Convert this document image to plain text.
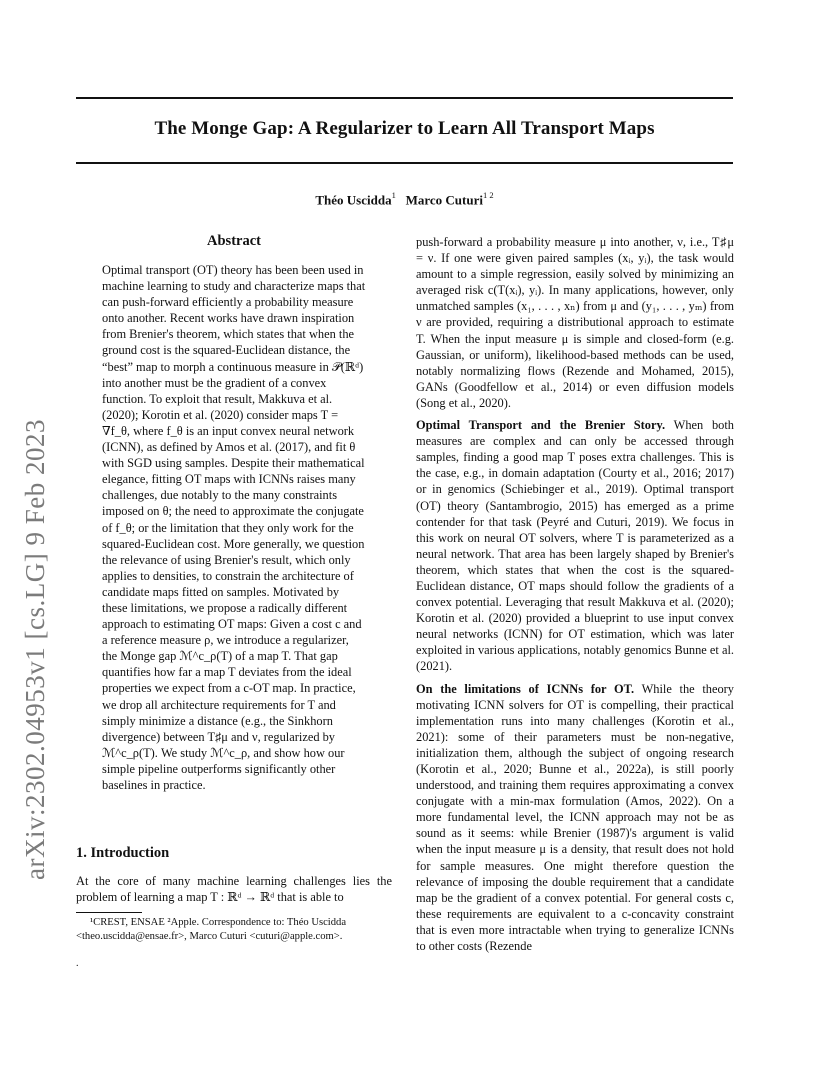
The Monge Gap: A Regularizer to Learn All Transport Maps
Théo Uscidda$^1$ Marco Cuturi$^{1 2}$
arXiv:2302.04953v1 [cs.LG] 9 Feb 2023
Abstract

Optimal transport (OT) theory has been been used in machine learning to study and characterize maps that can push-forward efficiently a probability measure onto another. Recent works have drawn inspiration from Brenier's theorem, which states that when the ground cost is the squared-Euclidean distance, the “best” map to morph a continuous measure in 𝒫(ℝᵈ) into another must be the gradient of a convex function. To exploit that result, Makkuva et al. (2020); Korotin et al. (2020) consider maps T = ∇f_θ, where f_θ is an input convex neural network (ICNN), as defined by Amos et al. (2017), and fit θ with SGD using samples. Despite their mathematical elegance, fitting OT maps with ICNNs raises many challenges, due notably to the many constraints imposed on θ; the need to approximate the conjugate of f_θ; or the limitation that they only work for the squared-Euclidean cost. More generally, we question the relevance of using Brenier's result, which only applies to densities, to constrain the architecture of candidate maps fitted on samples. Motivated by these limitations, we propose a radically different approach to estimating OT maps: Given a cost c and a reference measure ρ, we introduce a regularizer, the Monge gap ℳ^c_ρ(T) of a map T. That gap quantifies how far a map T deviates from the ideal properties we expect from a c-OT map. In practice, we drop all architecture requirements for T and simply minimize a distance (e.g., the Sinkhorn divergence) between T♯μ and ν, regularized by ℳ^c_ρ(T). We study ℳ^c_ρ, and show how our simple pipeline outperforms significantly other baselines in practice.

1. Introduction

At the core of many machine learning challenges lies the problem of learning a map T : ℝᵈ → ℝᵈ that is able to

¹CREST, ENSAE ²Apple. Correspondence to: Théo Uscidda <theo.uscidda@ensae.fr>, Marco Cuturi <cuturi@apple.com>.

.

push-forward a probability measure μ into another, ν, i.e., T♯μ = ν. If one were given paired samples (xᵢ, yᵢ), the task would amount to a simple regression, easily solved by minimizing an averaged risk c(T(xᵢ), yᵢ). In many applications, however, only unmatched samples (x₁, . . . , xₙ) from μ and (y₁, . . . , yₘ) from ν are provided, requiring a distributional approach to estimate T. When the input measure μ is simple and closed-form (e.g. Gaussian, or uniform), likelihood-based methods can be used, notably normalizing flows (Rezende and Mohamed, 2015), GANs (Goodfellow et al., 2014) or even diffusion models (Song et al., 2020).

Optimal Transport and the Brenier Story. When both measures are complex and can only be accessed through samples, finding a good map T poses extra challenges. This is the case, e.g., in domain adaptation (Courty et al., 2016; 2017) or in genomics (Schiebinger et al., 2019). Optimal transport (OT) theory (Santambrogio, 2015) has emerged as a prime contender for that task (Peyré and Cuturi, 2019). We focus in this work on neural OT solvers, where T is parameterized as a neural network. That area has been largely shaped by Brenier's theorem, which states that when the cost is the squared-Euclidean distance, OT maps should follow the gradients of a convex potential. Leveraging that result Makkuva et al. (2020); Korotin et al. (2020) provided a blueprint to use input convex neural networks (ICNN) for OT estimation, which was later exploited in various applications, notably genomics Bunne et al. (2021).

On the limitations of ICNNs for OT. While the theory motivating ICNN solvers for OT is compelling, their practical implementation runs into many challenges (Korotin et al., 2021): some of their parameters must be non-negative, initialization them, although the subject of ongoing research (Korotin et al., 2020; Bunne et al., 2022a), is still poorly understood, and training them requires approximating a convex conjugate with a min-max formulation (Amos, 2022). On a more fundamental level, the ICNN approach may not be as sound as it seems: while Brenier (1987)'s argument is valid when the input measure μ is a density, that result does not hold for sample measures. One might therefore question the relevance of imposing the double requirement that a candidate map be the gradient of a convex potential. For general costs c, these requirements are equivalent to a c-concavity constraint that is even more intractable when trying to generalize ICNNs to other costs (Rezende
